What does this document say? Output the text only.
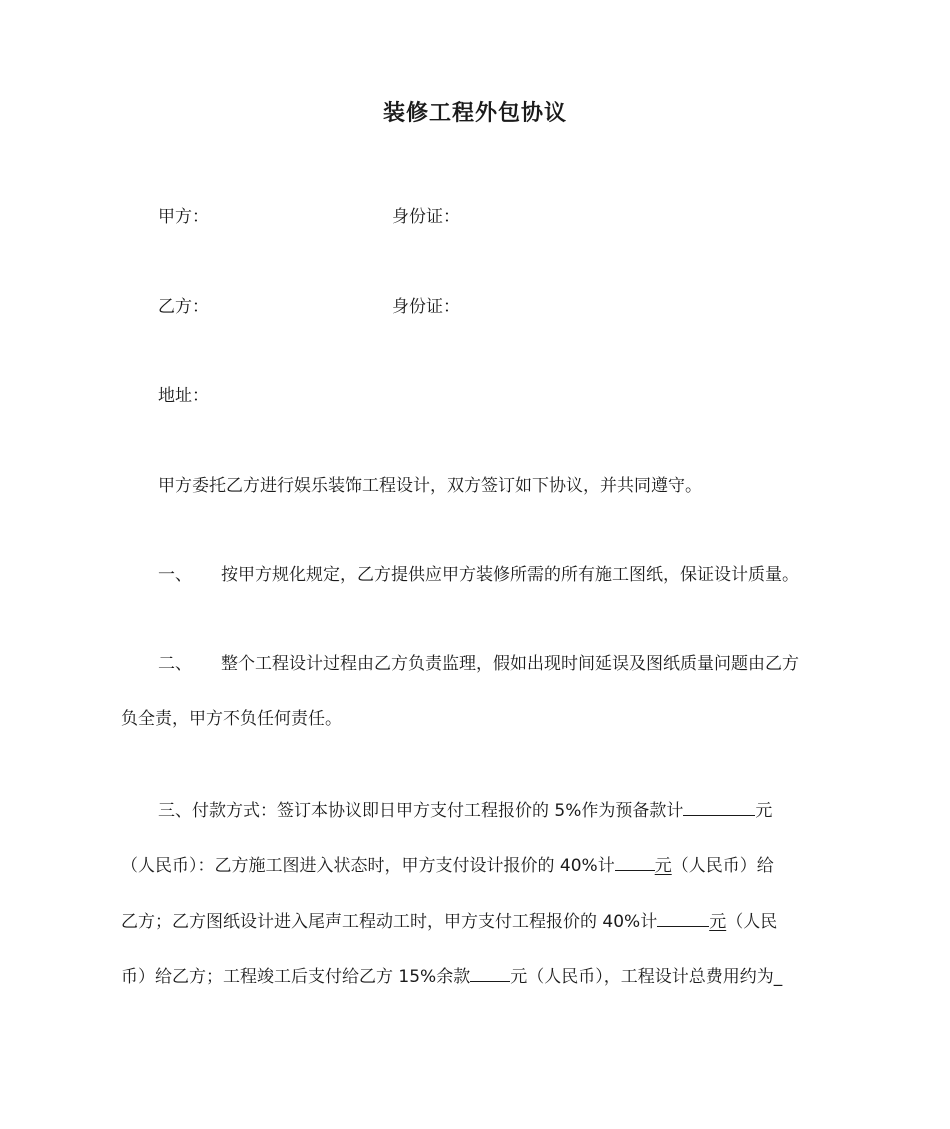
装修工程外包协议
甲方：	身份证：
乙方：	身份证：
地址：
甲方委托乙方进行娱乐装饰工程设计，双方签订如下协议，并共同遵守。
一、 按甲方规化规定，乙方提供应甲方装修所需的所有施工图纸，保证设计质量。
二、 整个工程设计过程由乙方负责监理，假如出现时间延误及图纸质量问题由乙方
负全责，甲方不负任何责任。
三、付款方式：签订本协议即日甲方支付工程报价的 5%作为预备款计	元
（人民币）：乙方施工图进入状态时，甲方支付设计报价的 40%计 元（人民币）给
乙方；乙方图纸设计进入尾声工程动工时，甲方支付工程报价的 40%计	元（人民
币）给乙方；工程竣工后支付给乙方 15%余款 元（人民币），工程设计总费用约为_
